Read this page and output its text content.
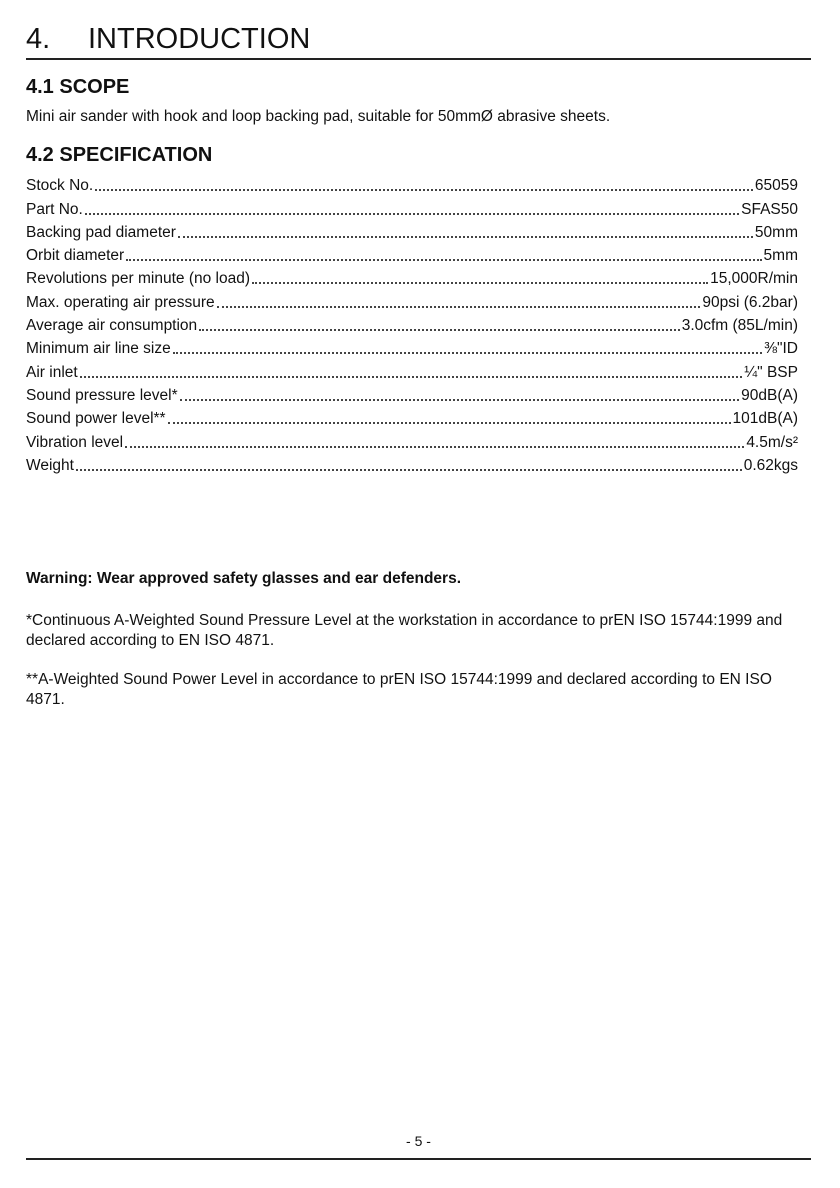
4. INTRODUCTION
4.1 SCOPE
Mini air sander with hook and loop backing pad, suitable for 50mmØ abrasive sheets.
4.2 SPECIFICATION
Stock No.	65059
Part No.	SFAS50
Backing pad diameter	50mm
Orbit diameter	5mm
Revolutions per minute (no load)	15,000R/min
Max. operating air pressure	90psi (6.2bar)
Average air consumption	3.0cfm (85L/min)
Minimum air line size	⅜"ID
Air inlet	¼" BSP
Sound pressure level*	90dB(A)
Sound power level**	101dB(A)
Vibration level	4.5m/s²
Weight	0.62kgs
Warning: Wear approved safety glasses and ear defenders.
*Continuous A-Weighted Sound Pressure Level at the workstation in accordance to prEN ISO 15744:1999 and declared according to EN ISO 4871.
**A-Weighted Sound Power Level in accordance to prEN ISO 15744:1999 and declared according to EN ISO 4871.
- 5 -
